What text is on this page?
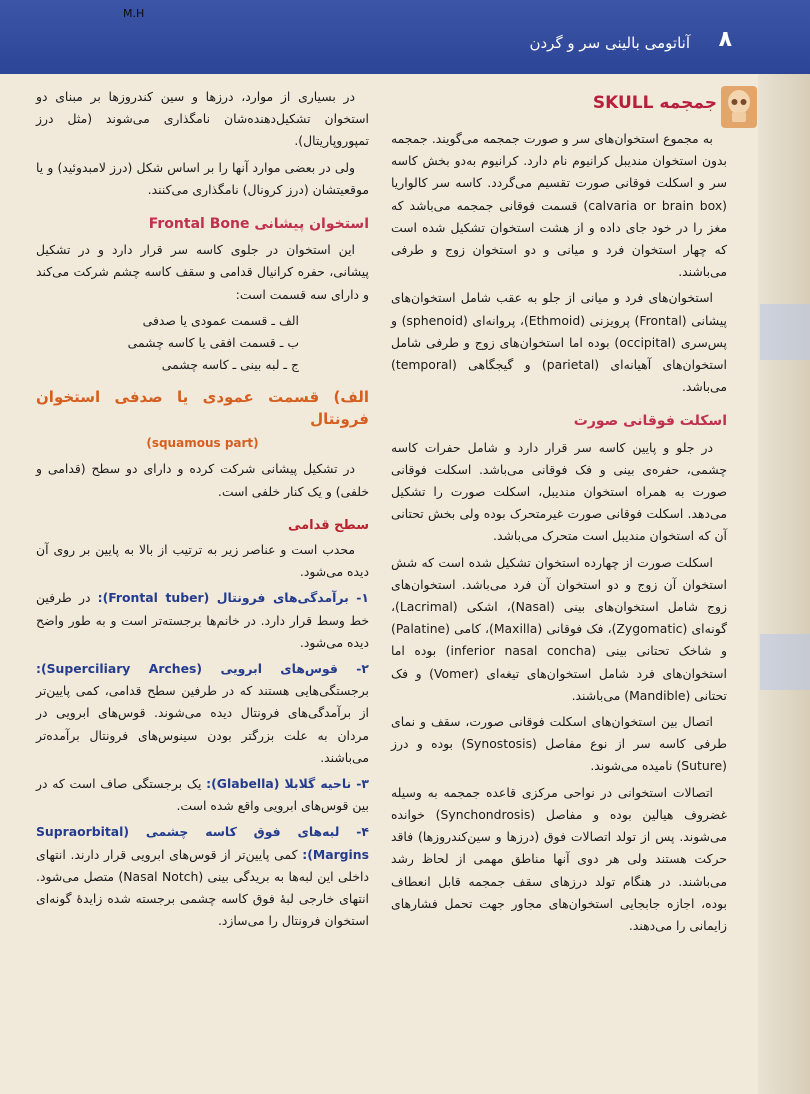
M.H
آناتومی بالینی سر و گردن ۸
جمجمه SKULL

به مجموع استخوان‌های سر و صورت جمجمه می‌گویند. جمجمه بدون استخوان مندیبل کرانیوم نام دارد. کرانیوم به‌دو بخش کاسه سر و اسکلت فوقانی صورت تقسیم می‌گردد. کاسه سر کالواریا (calvaria or brain box) قسمت فوقانی جمجمه می‌باشد که مغز را در خود جای داده و از هشت استخوان تشکیل شده است که چهار استخوان فرد و میانی و دو استخوان زوج و طرفی می‌باشند.

استخوان‌های فرد و میانی از جلو به عقب شامل استخوان‌های پیشانی (Frontal) پرویزنی (Ethmoid)، پروانه‌ای (sphenoid) و پس‌سری (occipital) بوده اما استخوان‌های زوج و طرفی شامل استخوان‌های آهیانه‌ای (parietal) و گیجگاهی (temporal) می‌باشد.

اسکلت فوقانی صورت

در جلو و پایین کاسه سر قرار دارد و شامل حفرات کاسه چشمی، حفره‌ی بینی و فک فوقانی می‌باشد. اسکلت فوقانی صورت به همراه استخوان مندیبل، اسکلت صورت را تشکیل می‌دهد. اسکلت فوقانی صورت غیرمتحرک بوده ولی بخش تحتانی آن که استخوان مندیبل است متحرک می‌باشد.

اسکلت صورت از چهارده استخوان تشکیل شده است که شش استخوان آن زوج و دو استخوان آن فرد می‌باشد. استخوان‌های زوج شامل استخوان‌های بینی (Nasal)، اشکی (Lacrimal)، گونه‌ای (Zygomatic)، فک فوقانی (Maxilla)، کامی (Palatine) و شاخک تحتانی بینی (inferior nasal concha) بوده اما استخوان‌های فرد شامل استخوان‌های تیغه‌ای (Vomer) و فک تحتانی (Mandible) می‌باشند.

اتصال بین استخوان‌های اسکلت فوقانی صورت، سقف و نمای طرفی کاسه سر از نوع مفاصل (Synostosis) بوده و درز (Suture) نامیده می‌شوند.

اتصالات استخوانی در نواحی مرکزی قاعده جمجمه به وسیله غضروف هیالین بوده و مفاصل (Synchondrosis) خوانده می‌شوند. پس از تولد اتصالات فوق (درزها و سین‌کندروزها) فاقد حرکت هستند ولی هر دوی آنها مناطق مهمی از لحاظ رشد می‌باشند. در هنگام تولد درزهای سقف جمجمه قابل انعطاف بوده، اجازه جابجایی استخوان‌های مجاور جهت تحمل فشارهای زایمانی را می‌دهند.

در بسیاری از موارد، درزها و سین کندروزها بر مبنای دو استخوان تشکیل‌دهنده‌شان نامگذاری می‌شوند (مثل درز تمپوروپاریتال).

ولی در بعضی موارد آنها را بر اساس شکل (درز لامبدوئید) و یا موقعیتشان (درز کرونال) نامگذاری می‌کنند.

استخوان پیشانی Frontal Bone

این استخوان در جلوی کاسه سر قرار دارد و در تشکیل پیشانی، حفره کرانیال قدامی و سقف کاسه چشم شرکت می‌کند و دارای سه قسمت است:

الف ـ قسمت عمودی یا صدفی
ب ـ قسمت افقی یا کاسه چشمی
ج ـ لبه بینی ـ کاسه چشمی
الف) قسمت عمودی یا صدفی استخوان فرونتال
(squamous part)

در تشکیل پیشانی شرکت کرده و دارای دو سطح (قدامی و خلفی) و یک کنار خلفی است.

سطح قدامی

محدب است و عناصر زیر به ترتیب از بالا به پایین بر روی آن دیده می‌شود.

۱- برآمدگی‌های فرونتال (Frontal tuber): در طرفین خط وسط قرار دارد. در خانم‌ها برجسته‌تر است و به طور واضح دیده می‌شود.
۲- قوس‌های ابرویی (Superciliary Arches): برجستگی‌هایی هستند که در طرفین سطح قدامی، کمی پایین‌تر از برآمدگی‌های فرونتال دیده می‌شوند. قوس‌های ابرویی در مردان به علت بزرگتر بودن سینوس‌های فرونتال برآمده‌تر می‌باشند.
۳- ناحیه گلابلا (Glabella): یک برجستگی صاف است که در بین قوس‌های ابرویی واقع شده است.
۴- لبه‌های فوق کاسه چشمی (Supraorbital Margins): کمی پایین‌تر از قوس‌های ابرویی قرار دارند. انتهای داخلی این لبه‌ها به بریدگی بینی (Nasal Notch) متصل می‌شود. انتهای خارجی لبهٔ فوق کاسه چشمی برجسته شده زایدهٔ گونه‌ای استخوان فرونتال را می‌سازد.
